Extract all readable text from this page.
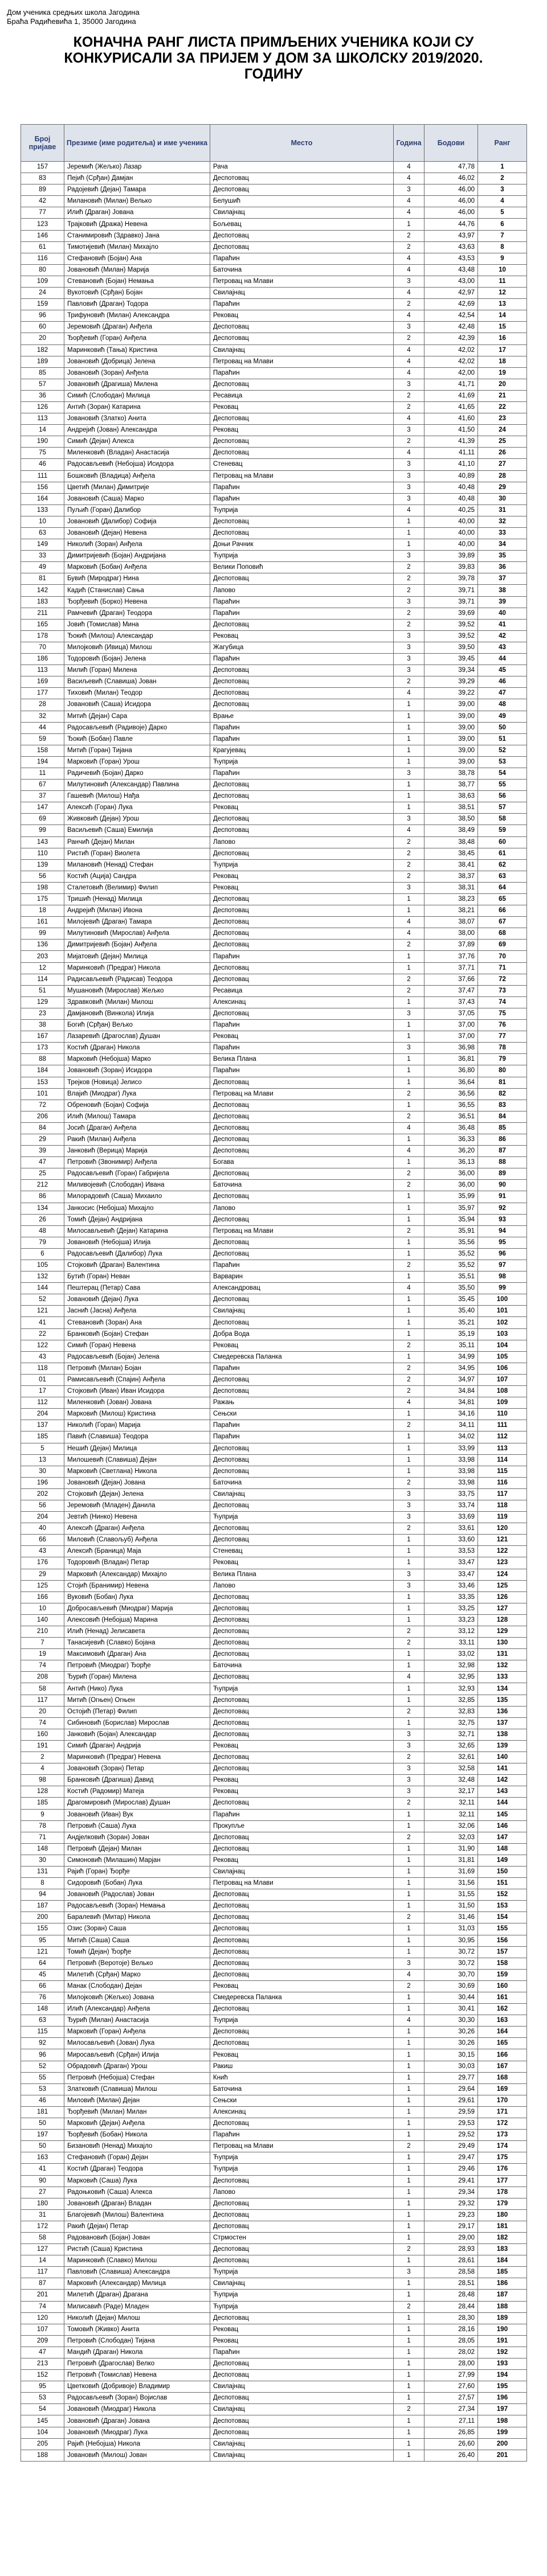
Дом ученика средњих школа Јагодина
Браћа Радићевића 1, 35000 Јагодина
КОНАЧНА РАНГ ЛИСТА ПРИМЉЕНИХ УЧЕНИКА КОЈИ СУ
КОНКУРИСАЛИ ЗА ПРИЈЕМ У ДОМ ЗА ШКОЛСКУ 2019/2020. ГОДИНУ
Број пријаве	Презиме (име родитеља) и име ученика	Место	Година	Бодови	Ранг
157	Јеремић (Жељко) Лазар	Рача	4	47,78	1
83	Пејић (Срђан) Дамјан	Деспотовац	4	46,02	2
89	Радојевић (Дејан) Тамара	Деспотовац	3	46,00	3
42	Милановић (Милан) Велько	Белушић	4	46,00	4
77	Илић (Драган) Јована	Свилајнац	4	46,00	5
123	Трајковић (Дража) Невена	Бољевац	1	44,76	6
146	Станимировић (Здравко) Јана	Деспотовац	2	43,97	7
61	Тимотијевић (Милан) Михајло	Деспотовац	2	43,63	8
116	Стефановић (Бојан) Ана	Параћин	4	43,53	9
80	Јовановић (Милан) Марија	Баточина	4	43,48	10
109	Стевановић (Бојан) Немања	Петровац на Млави	3	43,00	11
24	Вукотовић (Срђан) Бојан	Свилајнац	4	42,97	12
159	Павловић (Драган) Тодора	Параћин	2	42,69	13
96	Трифуновић (Милан) Александра	Рековац	4	42,54	14
60	Јеремовић (Драган) Анђела	Деспотовац	3	42,48	15
20	Ђорђевић (Горан) Анђела	Деспотовац	2	42,39	16
182	Маринковић (Тања) Кристина	Свилајнац	4	42,02	17
189	Јовановић (Добрица) Јелена	Петровац на Млави	4	42,02	18
85	Јовановић (Зоран) Анђела	Параћин	4	42,00	19
57	Јовановић (Драгиша) Милена	Деспотовац	3	41,71	20
36	Симић (Слободан) Милица	Ресавица	2	41,69	21
126	Антић (Зоран) Катарина	Рековац	2	41,65	22
113	Јовановић (Златко) Анита	Деспотовац	4	41,60	23
14	Андрејић (Јован) Александра	Рековац	3	41,50	24
190	Симић (Дејан) Алекса	Деспотовац	2	41,39	25
75	Миленковић (Владан) Анастасија	Деспотовац	4	41,11	26
46	Радосављевић (Небојша) Исидора	Стеневац	3	41,10	27
111	Бошковић (Владица) Анђела	Петровац на Млави	3	40,89	28
156	Цветић (Милан) Димитрије	Параћин	3	40,48	29
164	Јовановић (Саша) Марко	Параћин	3	40,48	30
133	Пуљић (Горан) Далибор	Ћуприја	4	40,25	31
10	Јовановић (Далибор) Софија	Деспотовац	1	40,00	32
63	Јовановић (Дејан) Невена	Деспотовац	1	40,00	33
149	Николић (Зоран) Анђела	Доњи Рачник	1	40,00	34
33	Димитријевић (Бојан) Андријана	Ћуприја	3	39,89	35
49	Марковић (Бобан) Анђела	Велики Поповић	2	39,83	36
81	Бувић (Миродраг) Нина	Деспотовац	2	39,78	37
142	Кадић (Станислав) Сања	Лапово	2	39,71	38
183	Ђорђевић (Борко) Невена	Параћин	3	39,71	39
211	Рамчевић (Драган) Теодора	Параћин	2	39,69	40
165	Јовић (Томислав) Мина	Деспотовац	2	39,52	41
178	Ђокић (Милош) Александар	Рековац	3	39,52	42
70	Милојковић (Ивица) Милош	Жагубица	3	39,50	43
186	Тодоровић (Бојан) Јелена	Параћин	3	39,45	44
113	Милић (Горан) Милена	Деспотовац	3	39,34	45
169	Васиљевић (Славиша) Јован	Деспотовац	2	39,29	46
177	Тиховић (Милан) Теодор	Деспотовац	4	39,22	47
28	Јовановић (Саша) Исидора	Деспотовац	1	39,00	48
32	Митић (Дејан) Сара	Врање	1	39,00	49
44	Радосављевић (Радивоје) Дарко	Параћин	1	39,00	50
59	Ђокић (Бобан) Павле	Параћин	1	39,00	51
158	Митић (Горан) Тијана	Крагујевац	1	39,00	52
194	Марковић (Горан) Урош	Ћуприја	1	39,00	53
11	Радичевић (Бојан) Дарко	Параћин	3	38,78	54
67	Милутиновић (Александар) Павлина	Деспотовац	1	38,77	55
37	Гашевић (Милош) Нађа	Деспотовац	1	38,63	56
147	Алексић (Горан) Лука	Рековац	1	38,51	57
69	Живковић (Дејан) Урош	Деспотовац	3	38,50	58
99	Васиљевић (Саша) Емилија	Деспотовац	4	38,49	59
143	Ранчић (Дејан) Милан	Лапово	2	38,48	60
110	Ристић (Горан) Виолета	Деспотовац	2	38,45	61
139	Милановић (Ненад) Стефан	Ћуприја	2	38,41	62
56	Костић (Ација) Сандра	Рековац	2	38,37	63
198	Сталетовић (Велимир) Филип	Рековац	3	38,31	64
175	Тришић (Ненад) Милица	Деспотовац	1	38,23	65
18	Андрејић (Милан) Ивона	Деспотовац	1	38,21	66
161	Милојевић (Драган) Тамара	Деспотовац	4	38,07	67
99	Милутиновић (Мирослав) Анђела	Деспотовац	4	38,00	68
136	Димитријевић (Бојан) Анђела	Деспотовац	2	37,89	69
203	Мијатовић (Дејан) Милица	Параћин	1	37,76	70
12	Маринковић (Предраг) Никола	Деспотовац	1	37,71	71
114	Радисављевић (Радисав) Теодора	Деспотовац	2	37,66	72
51	Мушановић (Мирослав) Жељко	Ресавица	2	37,47	73
129	Здравковић (Милан) Милош	Алексинац	1	37,43	74
23	Дамјановић (Винкола) Илија	Деспотовац	3	37,05	75
38	Богић (Срђан) Вељко	Параћин	1	37,00	76
167	Лазаревић (Драгослав) Душан	Рековац	1	37,00	77
173	Костић (Драган) Никола	Параћин	3	36,98	78
88	Марковић (Небојша) Марко	Велика Плана	1	36,81	79
184	Јовановић (Зоран) Исидора	Параћин	1	36,80	80
153	Трејков (Новица) Јелисо	Деспотовац	1	36,64	81
101	Влајић (Миодраг) Лука	Петровац на Млави	2	36,56	82
72	Обреновић (Бојан) Софија	Деспотовац	1	36,55	83
206	Илић (Милош) Тамара	Деспотовац	2	36,51	84
84	Јосић (Драган) Анђела	Деспотовац	4	36,48	85
29	Ракић (Милан) Анђела	Деспотовац	1	36,33	86
39	Јанковић (Верица) Марија	Деспотовац	4	36,20	87
47	Петровић (Звонимир) Анђела	Богава	1	36,13	88
25	Радосављевић (Горан) Габријела	Деспотовац	2	36,00	89
212	Миливојевић (Слободан) Ивана	Баточина	2	36,00	90
86	Милорадовић (Саша) Михаило	Деспотовац	1	35,99	91
134	Јанкосис (Небојша) Михајло	Лапово	1	35,97	92
26	Томић (Дејан) Андријана	Деспотовац	1	35,94	93
48	Милосављевић (Дејан) Катарина	Петровац на Млави	2	35,91	94
79	Јовановић (Небојша) Илија	Деспотовац	1	35,56	95
6	Радосављевић (Далибор) Лука	Деспотовац	1	35,52	96
105	Стојковић (Драган) Валентина	Параћин	2	35,52	97
132	Бутић (Горан) Неван	Варварин	1	35,51	98
144	Пештерац (Петар) Сава	Александровац	4	35,50	99
52	Јовановић (Дејан) Лука	Деспотовац	1	35,45	100
121	Јаснић (Јасна) Анђела	Свилајнац	1	35,40	101
41	Стевановић (Зоран) Ана	Деспотовац	1	35,21	102
22	Бранковић (Бојан) Стефан	Добра Вода	1	35,19	103
122	Симић (Горан) Невена	Рековац	2	35,11	104
43	Радосављевић (Бојан) Јелена	Смедеревска Паланка	1	34,99	105
118	Петровић (Милан) Бојан	Параћин	2	34,95	106
01	Рамисављевић (Спајин) Анђела	Деспотовац	2	34,97	107
17	Стојковић (Иван) Иван Исидора	Деспотовац	2	34,84	108
112	Миленковић (Јован) Јована	Ражањ	4	34,81	109
204	Марковић (Милош) Кристина	Сењски	1	34,16	110
137	Николић (Горан) Марија	Параћин	2	34,11	111
185	Павић (Славиша) Теодора	Параћин	1	34,02	112
5	Нешић (Дејан) Милица	Деспотовац	1	33,99	113
13	Милошевић (Славиша) Дејан	Деспотовац	1	33,98	114
30	Марковић (Светлана) Никола	Деспотовац	1	33,98	115
196	Јовановић (Дејан) Јована	Баточина	2	33,98	116
202	Стојковић (Дејан) Јелена	Свилајнац	3	33,75	117
56	Јеремовић (Младен) Данила	Деспотовац	3	33,74	118
204	Јевтић (Нинко) Невена	Ћуприја	3	33,69	119
40	Алексић (Драган) Анђела	Деспотовац	2	33,61	120
66	Миловић (Славољуб) Анђела	Деспотовац	1	33,60	121
43	Алексић (Браница) Маја	Стеневац	1	33,53	122
176	Тодоровић (Владан) Петар	Рековац	1	33,47	123
29	Марковић (Александар) Михајло	Велика Плана	3	33,47	124
125	Стојић (Бранимир) Невена	Лапово	3	33,46	125
166	Вуковић (Бобан) Лука	Деспотовац	1	33,35	126
10	Добросављевић (Миодраг) Марија	Деспотовац	1	33,25	127
140	Алексовић (Небојша) Марина	Деспотовац	1	33,23	128
210	Илић (Ненад) Јелисавета	Деспотовац	2	33,12	129
7	Танасијевић (Славко) Бојана	Деспотовац	2	33,11	130
19	Максимовић (Драган) Ана	Деспотовац	1	33,02	131
74	Петровић (Миодраг) Ђорђе	Баточина	1	32,98	132
208	Ђурић (Горан) Милена	Деспотовац	4	32,95	133
58	Антић (Нико) Лука	Ћуприја	1	32,93	134
117	Митић (Огњен) Огњен	Деспотовац	1	32,85	135
20	Остојић (Петар) Филип	Деспотовац	2	32,83	136
74	Сибиновић (Борислав) Мирослав	Деспотовац	1	32,75	137
160	Јанковић (Бојан) Александар	Деспотовац	3	32,71	138
191	Симић (Драган) Андрија	Рековац	3	32,65	139
2	Маринковић (Предраг) Невена	Деспотовац	2	32,61	140
4	Јовановић (Зоран) Петар	Деспотовац	3	32,58	141
98	Бранковић (Драгиша) Давид	Рековац	3	32,48	142
128	Костић (Радомир) Матеја	Рековац	3	32,17	143
185	Драгомировић (Мирослав) Душан	Деспотовац	2	32,11	144
9	Јовановић (Иван) Вук	Параћин	1	32,11	145
78	Петровић (Саша) Лука	Прокупље	1	32,06	146
71	Андјелковић (Зоран) Јован	Деспотовац	2	32,03	147
148	Петровић (Дејан) Милан	Деспотовац	1	31,90	148
30	Симоновић (Милашин) Марјан	Рековац	1	31,81	149
131	Рајић (Горан) Ђорђе	Свилајнац	1	31,69	150
8	Сидоровић (Бобан) Лука	Петровац на Млави	1	31,56	151
94	Јовановић (Радослав) Јован	Деспотовац	1	31,55	152
187	Радосављевић (Зоран) Немања	Деспотовац	1	31,50	153
200	Баралевић (Митар) Никола	Деспотовац	2	31,46	154
155	Озис (Зоран) Саша	Деспотовац	1	31,03	155
95	Митић (Саша) Саша	Деспотовац	1	30,95	156
121	Томић (Дејан) Ђорђе	Деспотовац	1	30,72	157
64	Петровић (Веротоје) Велько	Деспотовац	3	30,72	158
45	Милетић (Срђан) Марко	Деспотовац	4	30,70	159
66	Манак (Слободан) Дејан	Рековац	2	30,69	160
76	Милојковић (Жељко) Јована	Смедеревска Паланка	1	30,44	161
148	Илић (Александар) Анђела	Деспотовац	1	30,41	162
63	Ђурић (Милан) Анастасија	Ћуприја	4	30,30	163
115	Марковић (Горан) Анђела	Деспотовац	1	30,26	164
92	Милосављевић (Јован) Лука	Деспотовац	1	30,26	165
96	Миросављевић (Срђан) Илија	Рековац	1	30,15	166
52	Обрадовић (Драган) Урош	Ракиш	1	30,03	167
55	Петровић (Небојша) Стефан	Кнић	1	29,77	168
53	Златковић (Славиша) Милош	Баточина	1	29,64	169
46	Миловић (Милан) Дејан	Сењски	1	29,61	170
181	Ђорђевић (Милан) Милан	Алексинац	1	29,59	171
50	Марковић (Дејан) Анђела	Деспотовац	1	29,53	172
197	Ђорђевић (Бобан) Никола	Параћин	1	29,52	173
50	Бизановић (Ненад) Михајло	Петровац на Млави	2	29,49	174
163	Стефановић (Горан) Дејан	Ћуприја	1	29,47	175
41	Костић (Драган) Теодора	Ћуприја	1	29,46	176
90	Марковић (Саша) Лука	Деспотовац	1	29,41	177
27	Радоњковић (Саша) Алекса	Лапово	1	29,34	178
180	Јовановић (Драган) Владан	Деспотовац	1	29,32	179
31	Благојевић (Милош) Валентина	Деспотовац	1	29,23	180
172	Ракић (Дејан) Петар	Деспотовац	1	29,17	181
58	Радовановић (Бојан) Јован	Стрмостен	1	29,00	182
127	Ристић (Саша) Кристина	Деспотовац	2	28,93	183
14	Маринковић (Славко) Милош	Деспотовац	1	28,61	184
117	Павловић (Славиша) Александра	Ћуприја	3	28,58	185
87	Марковић (Александар) Милица	Свилајнац	1	28,51	186
201	Милетић (Драган) Драгана	Ћуприја	1	28,48	187
74	Милисавић (Раде) Младен	Ћуприја	2	28,44	188
120	Николић (Дејан) Милош	Деспотовац	1	28,30	189
107	Томовић (Живко) Анита	Рековац	1	28,16	190
209	Петровић (Слободан) Тијана	Рековац	1	28,05	191
47	Мандић (Драган) Никола	Параћин	1	28,02	192
213	Петровић (Драгослав) Велко	Деспотовац	1	28,00	193
152	Петровић (Томислав) Невена	Деспотовац	1	27,99	194
95	Цветковић (Добривоје) Владимир	Свилајнац	1	27,60	195
53	Радосављевић (Зоран) Војислав	Деспотовац	1	27,57	196
54	Јовановић (Миодраг) Никола	Свилајнац	2	27,34	197
145	Јовановић (Драган) Јована	Деспотовац	1	27,11	198
104	Јовановић (Миодраг) Лука	Деспотовац	1	26,85	199
205	Рајић (Небојша) Никола	Свилајнац	1	26,60	200
188	Јовановић (Милош) Јован	Свилајнац	1	26,40	201
